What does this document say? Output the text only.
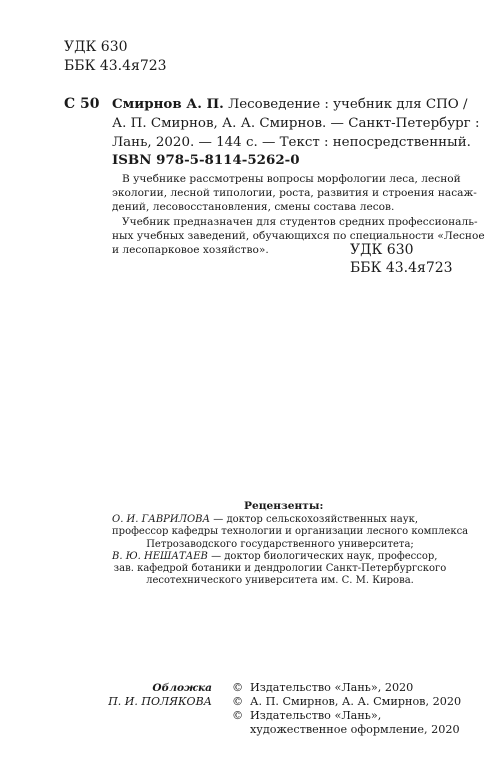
УДК 630
ББК 43.4я723
С 50 Смирнов А. П. Лесоведение : учебник для СПО /
А. П. Смирнов, А. А. Смирнов. — Санкт-Петербург :
Лань, 2020. — 144 с. — Текст : непосредственный.
ISBN 978-5-8114-5262-0
В учебнике рассмотрены вопросы морфологии леса, лесной
экологии, лесной типологии, роста, развития и строения насаж-
дений, лесовосстановления, смены состава лесов.
Учебник предназначен для студентов средних профессиональ-
ных учебных заведений, обучающихся по специальности «Лесное
и лесопарковое хозяйство».	УДК 630
ББК 43.4я723
Рецензенты:
О. И. ГАВРИЛОВА — доктор сельскохозяйственных наук,
профессор кафедры технологии и организации лесного комплекса
Петрозаводского государственного университета;
В. Ю. НЕШАТАЕВ — доктор биологических наук, профессор,
зав. кафедрой ботаники и дендрологии Санкт-Петербургского
лесотехнического университета им. С. М. Кирова.
Обложка
П. И. ПОЛЯКОВА
© Издательство «Лань», 2020
© А. П. Смирнов, А. А. Смирнов, 2020
© Издательство «Лань»,
художественное оформление, 2020
